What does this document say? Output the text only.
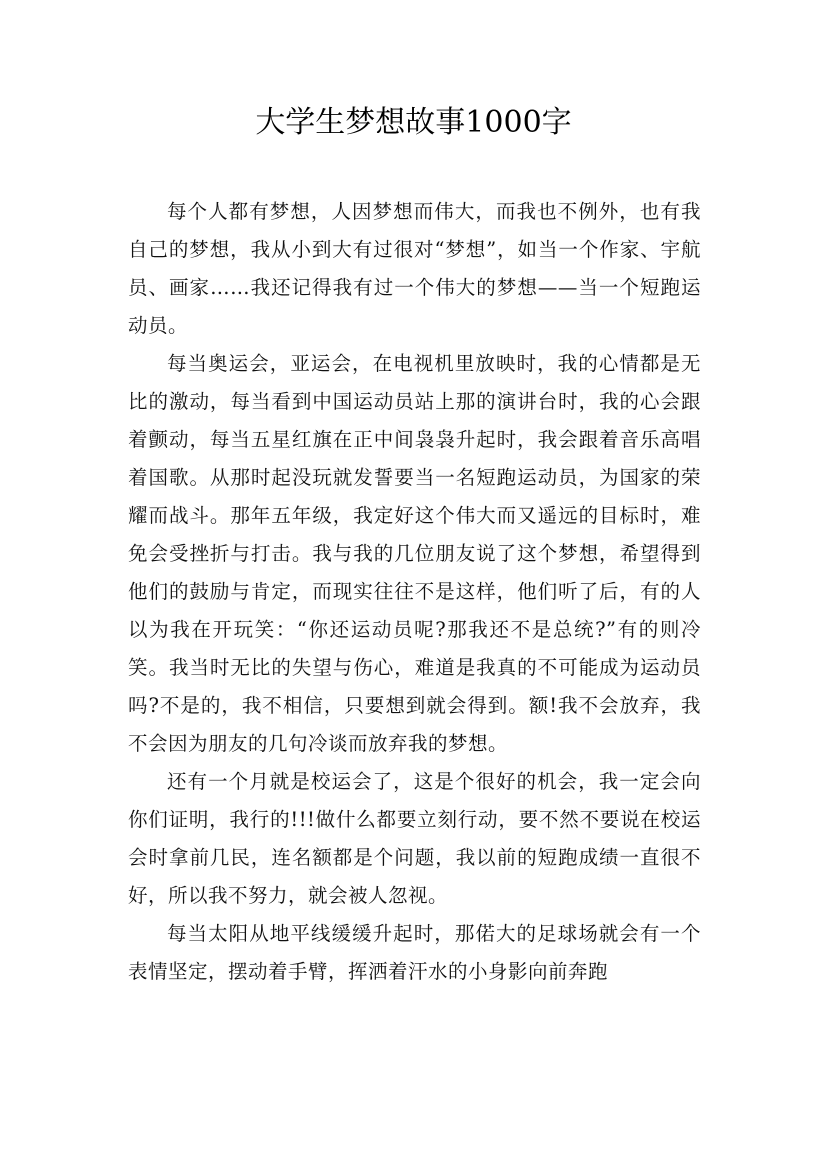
大学生梦想故事1000字

每个人都有梦想，人因梦想而伟大，而我也不例外，也有我自己的梦想，我从小到大有过很对“梦想”，如当一个作家、宇航员、画家……我还记得我有过一个伟大的梦想——当一个短跑运动员。

每当奥运会，亚运会，在电视机里放映时，我的心情都是无比的激动，每当看到中国运动员站上那的演讲台时，我的心会跟着颤动，每当五星红旗在正中间袅袅升起时，我会跟着音乐高唱着国歌。从那时起没玩就发誓要当一名短跑运动员，为国家的荣耀而战斗。那年五年级，我定好这个伟大而又遥远的目标时，难免会受挫折与打击。我与我的几位朋友说了这个梦想，希望得到他们的鼓励与肯定，而现实往往不是这样，他们听了后，有的人以为我在开玩笑：“你还运动员呢?那我还不是总统?”有的则冷笑。我当时无比的失望与伤心，难道是我真的不可能成为运动员吗?不是的，我不相信，只要想到就会得到。额!我不会放弃，我不会因为朋友的几句冷谈而放弃我的梦想。

还有一个月就是校运会了，这是个很好的机会，我一定会向你们证明，我行的!!!做什么都要立刻行动，要不然不要说在校运会时拿前几民，连名额都是个问题，我以前的短跑成绩一直很不好，所以我不努力，就会被人忽视。

每当太阳从地平线缓缓升起时，那偌大的足球场就会有一个表情坚定，摆动着手臂，挥洒着汗水的小身影向前奔跑
